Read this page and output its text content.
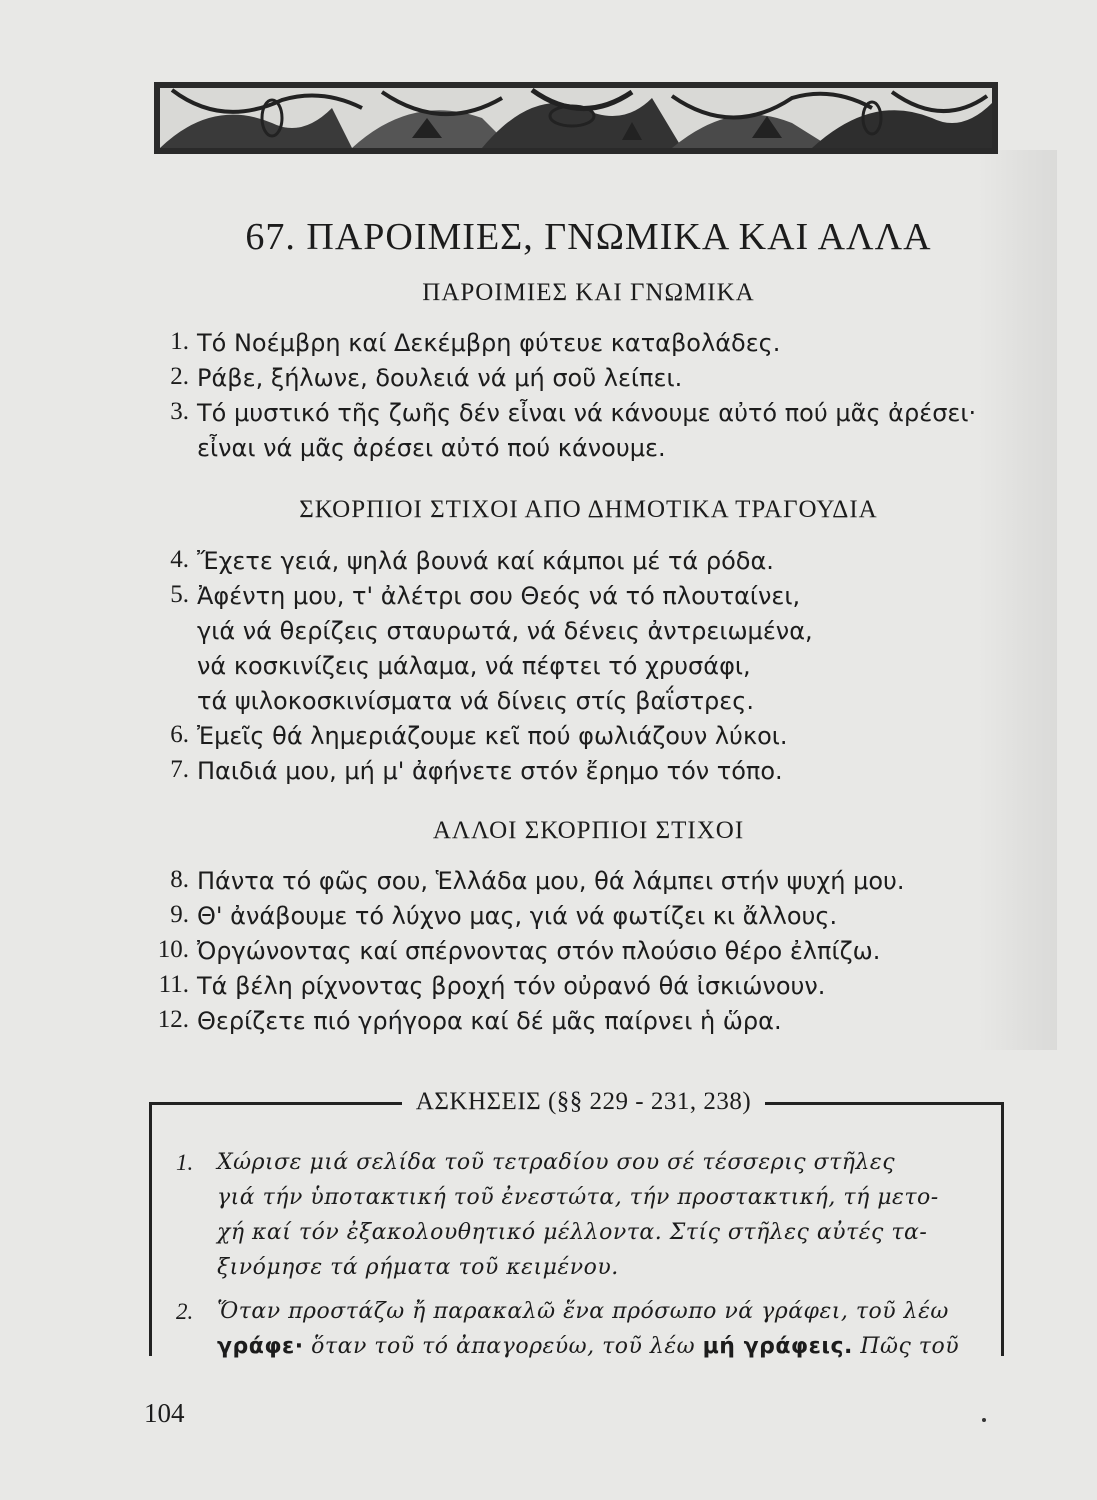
67. ΠΑΡΟΙΜΙΕΣ, ΓΝΩΜΙΚΑ ΚΑΙ ΑΛΛΑ
ΠΑΡΟΙΜΙΕΣ ΚΑΙ ΓΝΩΜΙΚΑ
1. Τό Νοέμβρη καί Δεκέμβρη φύτευε καταβολάδες.
2. Ράβε, ξήλωνε, δουλειά νά μή σοῦ λείπει.
3. Τό μυστικό τῆς ζωῆς δέν εἶναι νά κάνουμε αὐτό πού μᾶς ἀρέσει·
εἶναι νά μᾶς ἀρέσει αὐτό πού κάνουμε.
ΣΚΟΡΠΙΟΙ ΣΤΙΧΟΙ ΑΠΟ ΔΗΜΟΤΙΚΑ ΤΡΑΓΟΥΔΙΑ
4. Ἔχετε γειά, ψηλά βουνά καί κάμποι μέ τά ρόδα.
5. Ἀφέντη μου, τ' ἀλέτρι σου Θεός νά τό πλουταίνει,
γιά νά θερίζεις σταυρωτά, νά δένεις ἀντρειωμένα,
νά κοσκινίζεις μάλαμα, νά πέφτει τό χρυσάφι,
τά ψιλοκοσκινίσματα νά δίνεις στίς βαΐστρες.
6. Ἐμεῖς θά λημεριάζουμε κεῖ πού φωλιάζουν λύκοι.
7. Παιδιά μου, μή μ' ἀφήνετε στόν ἔρημο τόν τόπο.
ΑΛΛΟΙ ΣΚΟΡΠΙΟΙ ΣΤΙΧΟΙ
8. Πάντα τό φῶς σου, Ἑλλάδα μου, θά λάμπει στήν ψυχή μου.
9. Θ' ἀνάβουμε τό λύχνο μας, γιά νά φωτίζει κι ἄλλους.
10. Ὀργώνοντας καί σπέρνοντας στόν πλούσιο θέρο ἐλπίζω.
11. Τά βέλη ρίχνοντας βροχή τόν οὐρανό θά ἰσκιώνουν.
12. Θερίζετε πιό γρήγορα καί δέ μᾶς παίρνει ἡ ὥρα.
ΑΣΚΗΣΕΙΣ (§§ 229 - 231, 238)
1. Χώρισε μιά σελίδα τοῦ τετραδίου σου σέ τέσσερις στῆλες
γιά τήν ὑποτακτική τοῦ ἐνεστώτα, τήν προστακτική, τή μετο-
χή καί τόν ἐξακολουθητικό μέλλοντα. Στίς στῆλες αὐτές τα-
ξινόμησε τά ρήματα τοῦ κειμένου.
2. Ὅταν προστάζω ἤ παρακαλῶ ἕνα πρόσωπο νά γράφει, τοῦ λέω
γράφε· ὅταν τοῦ τό ἀπαγορεύω, τοῦ λέω μή γράφεις. Πῶς τοῦ
104
